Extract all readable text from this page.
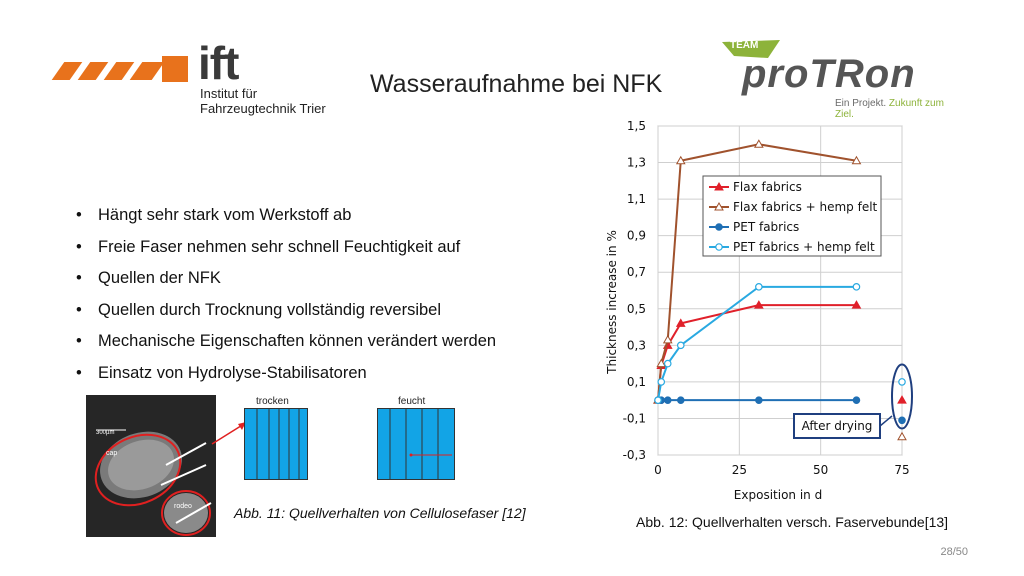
ift
Institut für
Fahrzeugtechnik Trier
Wasseraufnahme bei NFK
TEAM
proTRon
Ein Projekt. Zukunft zum Ziel.
• Hängt sehr stark vom Werkstoff ab
• Freie Faser nehmen sehr schnell Feuchtigkeit auf
• Quellen der NFK
• Quellen durch Trocknung vollständig reversibel
• Mechanische Eigenschaften können verändert werden
• Einsatz von Hydrolyse-Stabilisatoren
300µm
cap
rodeo
trocken	feucht
Abb. 11: Quellverhalten von Cellulosefaser [12]
After drying
Flax fabrics
Flax fabrics + hemp felt
PET fabrics
PET fabrics + hemp felt
1,5
1,3
1,1
0,9
0,7
0,5
0,3
0,1
-0,1
-0,3
0	25	50	75
Thickness increase in %
Exposition in d
Abb. 12: Quellverhalten versch. Faservebunde[13]
28/50
